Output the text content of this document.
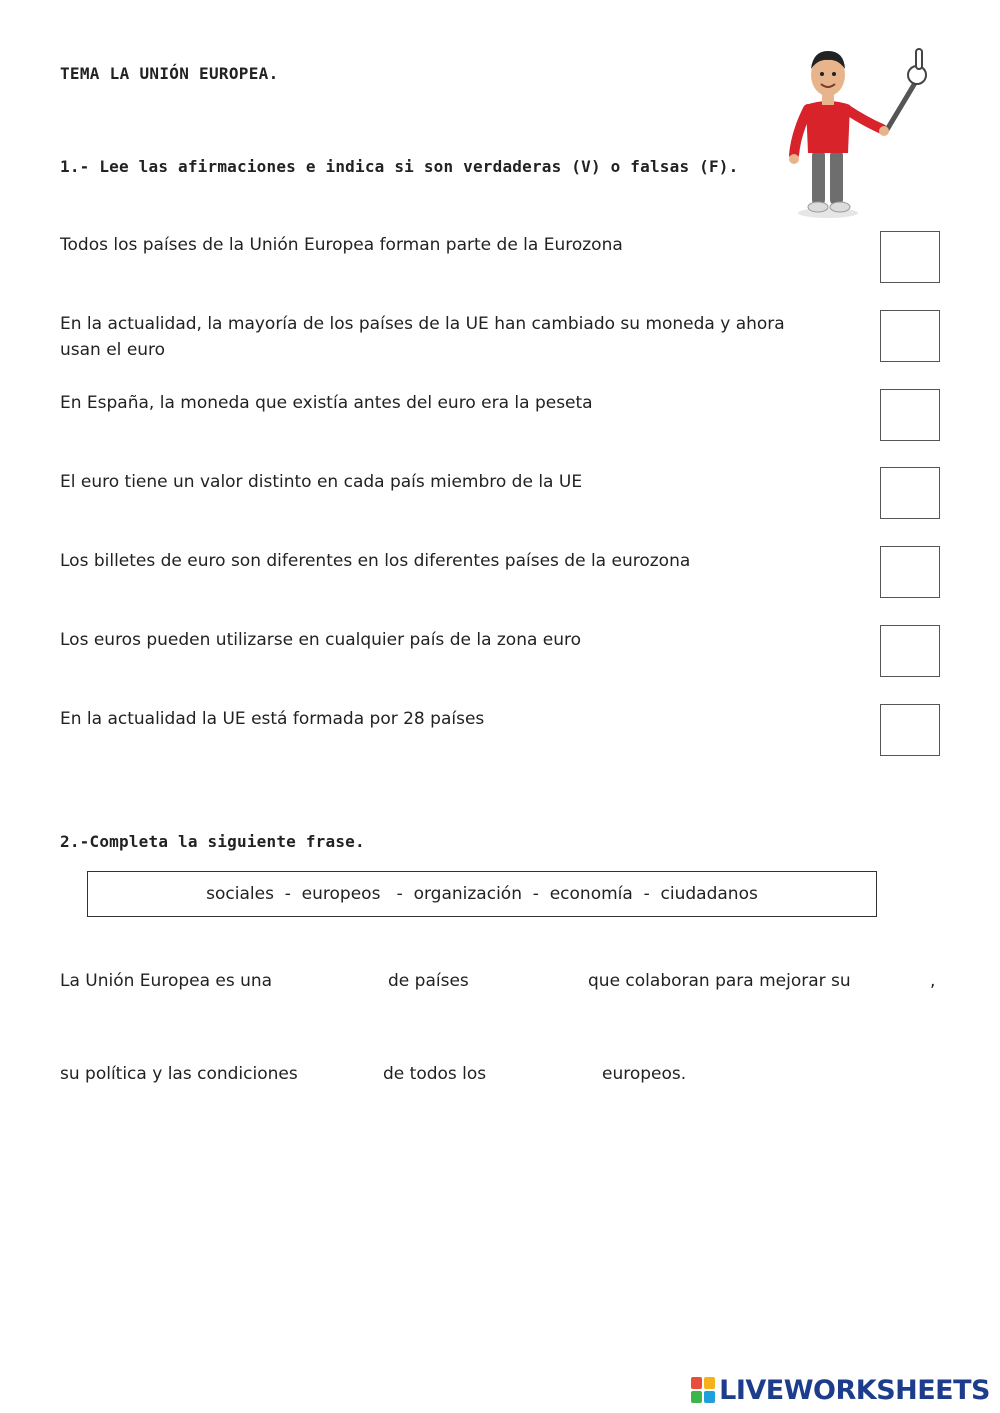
TEMA LA UNIÓN EUROPEA.
1.- Lee las afirmaciones e indica si son verdaderas (V) o falsas (F).
Todos los países de la Unión Europea forman parte de la Eurozona
En la actualidad, la mayoría de los países de la UE han cambiado su moneda y ahora usan el euro
En España, la moneda que existía antes del euro era la peseta
El euro tiene un valor distinto en cada país miembro de la UE
Los billetes de euro son diferentes en los diferentes países de la eurozona
Los euros pueden utilizarse en cualquier país de la zona euro
En la actualidad la UE está formada por 28 países
2.-Completa la siguiente frase.
sociales  -  europeos   -  organización  -  economía  -  ciudadanos
La Unión Europea es una	de países	que colaboran para mejorar su	,
su política y las condiciones	de todos los	europeos.
LIVEWORKSHEETS
